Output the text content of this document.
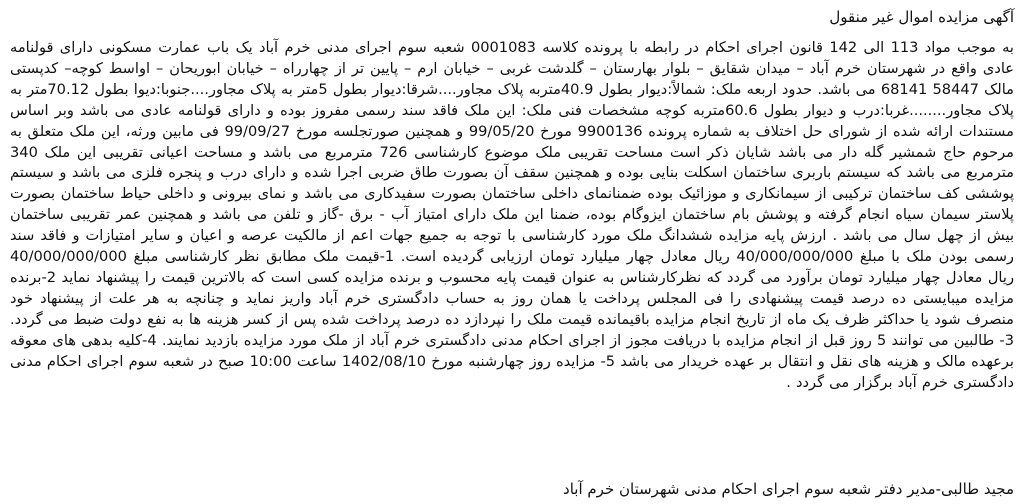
آگهی مزایده اموال غیر منقول

به موجب مواد 113 الی 142 قانون اجرای احکام در رابطه با پرونده کلاسه 0001083 شعبه سوم اجرای مدنی خرم آباد یک باب عمارت مسکونی دارای قولنامه عادی واقع در شهرستان خرم آباد – میدان شقایق – بلوار بهارستان – گلدشت غربی – خیابان ارم – پایین تر از چهارراه – خیابان ابوریحان – اواسط کوچه– کدپستی مالک 58447 68141 می باشد. حدود اربعه ملک: شمالاً:دیوار بطول 40.9متربه پلاک مجاور....شرقا:دیوار بطول 5متر به پلاک مجاور....جنوبا:دیوا بطول 70.12متر به پلاک مجاور........غربا:درب و دیوار بطول 60.6متربه کوچه مشخصات فنی ملک: این ملک فاقد سند رسمی مفروز بوده و دارای قولنامه عادی می باشد وبر اساس مستندات ارائه شده از شورای حل اختلاف به شماره پرونده 9900136 مورخ 99/05/20 و همچنین صورتجلسه مورخ 99/09/27 فی مابین ورثه، این ملک متعلق به مرحوم حاج شمشیر گله دار می باشد شایان ذکر است مساحت تقریبی ملک موضوع کارشناسی 726 مترمربع می باشد و مساحت اعیانی تقریبی این ملک 340 مترمربع می باشد که سیستم باربری ساختمان اسکلت بنایی بوده و همچنین سقف آن بصورت طاق ضربی اجرا شده و دارای درب و پنجره فلزی می باشد و سیستم پوششی کف ساختمان ترکیبی از سیمانکاری و موزائیک بوده ضمنانمای داخلی ساختمان بصورت سفیدکاری می باشد و نمای بیرونی و داخلی حیاط ساختمان بصورت پلاستر سیمان سیاه انجام گرفته و پوشش بام ساختمان ایزوگام بوده، ضمنا این ملک دارای امتیاز آب - برق -گاز و تلفن می باشد و همچنین عمر تقریبی ساختمان بیش از چهل سال می باشد . ارزش پایه مزایده ششدانگ ملک مورد کارشناسی با توجه به جمیع جهات اعم از مالکیت عرصه و اعیان و سایر امتیازات و فاقد سند رسمی بودن ملک با مبلغ 40/000/000/000 ریال معادل چهار میلیارد تومان ارزیابی گردیده است. 1-قیمت ملک مطابق نظر کارشناسی مبلغ 40/000/000/000 ریال معادل چهار میلیارد تومان برآورد می گردد که نظرکارشناس به عنوان قیمت پایه محسوب و برنده مزایده کسی است که بالاترین قیمت را پیشنهاد نماید 2-برنده مزایده میبایستی ده درصد قیمت پیشنهادی را فی المجلس پرداخت یا همان روز به حساب دادگستری خرم آباد واریز نماید و چنانچه به هر علت از پیشنهاد خود منصرف شود یا حداکثر ظرف یک ماه از تاریخ انجام مزایده باقیمانده قیمت ملک را نپردازد ده درصد پرداخت شده پس از کسر هزینه ها به نفع دولت ضبط می گردد. 3- طالبین می توانند 5 روز قبل از انجام مزایده با دریافت مجوز از اجرای احکام مدنی دادگستری خرم آباد از ملک مورد مزایده بازدید نمایند. 4-کلیه بدهی های معوقه برعهده مالک و هزینه های نقل و انتقال بر عهده خریدار می باشد 5- مزایده روز چهارشنبه مورخ 1402/08/10 ساعت 10:00 صبح در شعبه سوم اجرای احکام مدنی دادگستری خرم آباد برگزار می گردد .

مجید طالبی-مدیر دفتر شعبه سوم اجرای احکام مدنی شهرستان خرم آباد
